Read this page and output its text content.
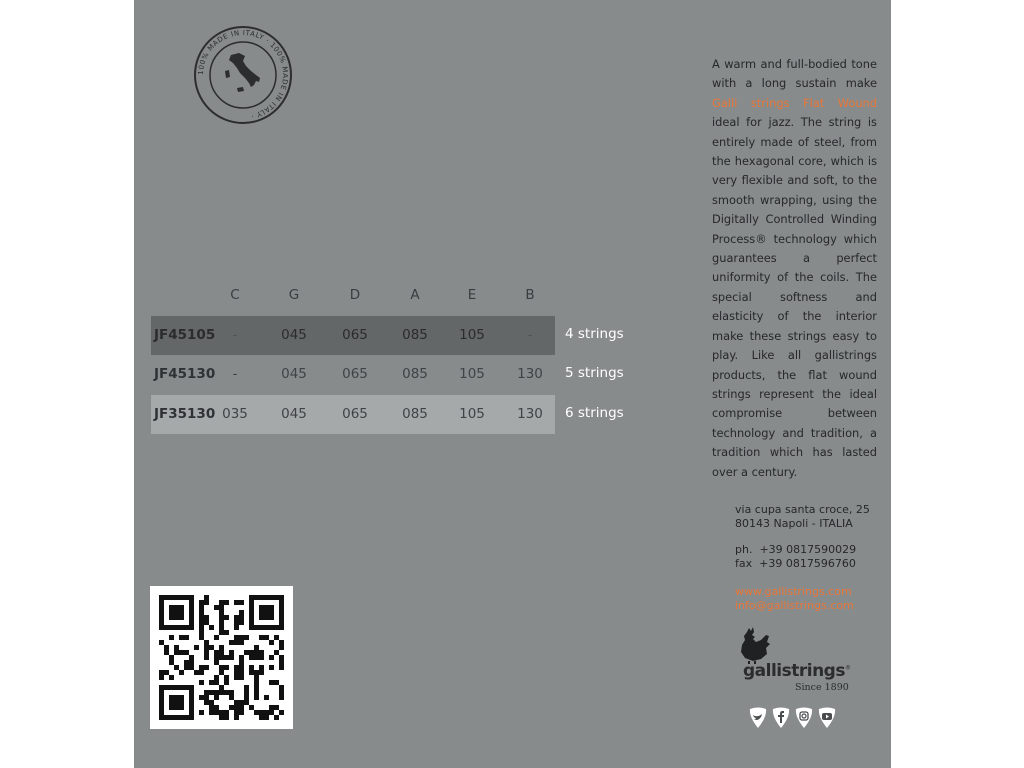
100% MADE IN ITALY · 100% MADE IN ITALY ·
C	G	D	A	E	B
JF45105	-	045	065	085	105	-	4 strings
JF45130	-	045	065	085	105	130	5 strings
JF35130 035	045	065	085	105	130	6 strings
A warm and full-bodied tone with a long sustain make Galli strings Flat Wound ideal for jazz. The string is entirely made of steel, from the hexagonal core, which is very flexible and soft, to the smooth wrapping, using the Digitally Controlled Winding Process® technology which guarantees a perfect uniformity of the coils. The special softness and elasticity of the interior make these strings easy to play. Like all gallistrings products, the flat wound strings represent the ideal compromise between technology and tradition, a tradition which has lasted over a century.
via cupa santa croce, 25
80143 Napoli - ITALIA
ph.  +39 0817590029
fax  +39 0817596760
www.gallistrings.com
info@gallistrings.com
gallistrings®
Since 1890
